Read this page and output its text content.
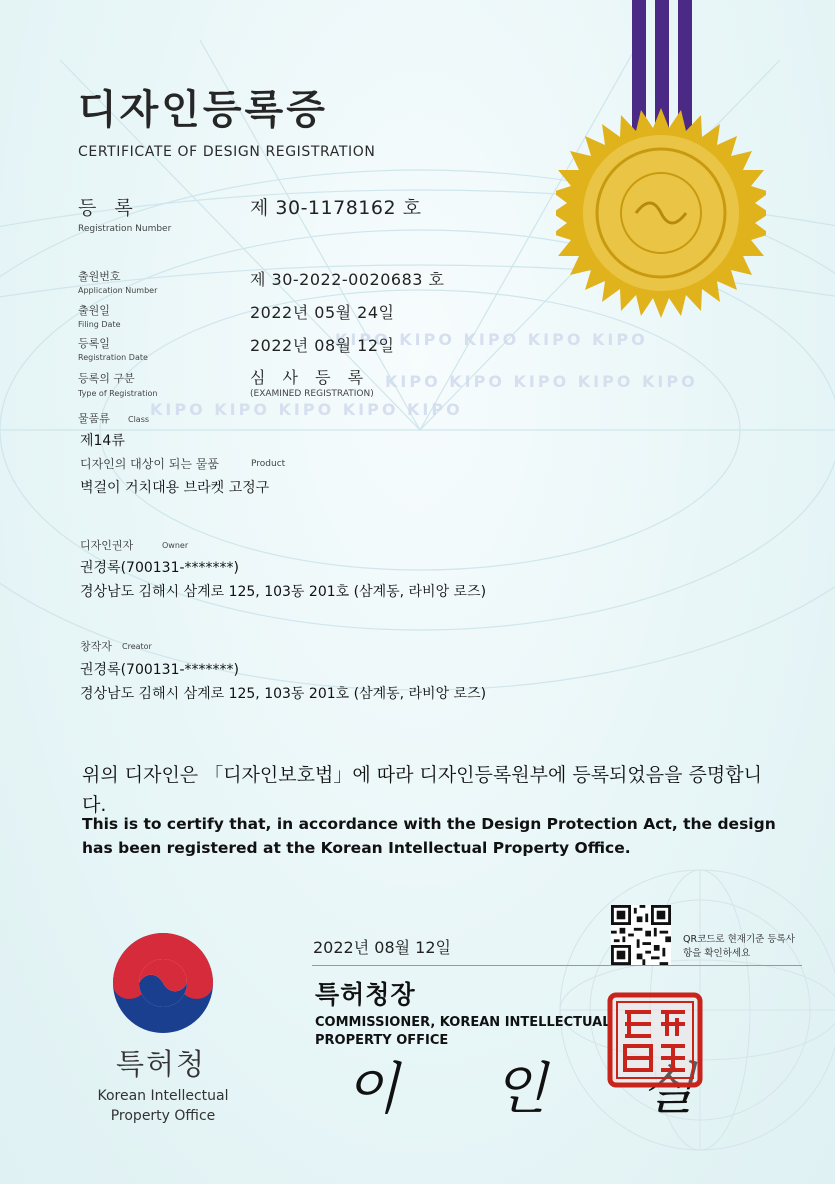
KIPO KIPO KIPO KIPO KIPO
KIPO KIPO KIPO KIPO KIPO
KIPO KIPO KIPO KIPO KIPO
디자인등록증
CERTIFICATE OF DESIGN REGISTRATION
등 록
Registration Number
제 30-1178162 호
출원번호
Application Number
제 30-2022-0020683 호
출원일
Filing Date
2022년 05월 24일
등록일
Registration Date
2022년 08월 12일
등록의 구분
Type of Registration
심 사 등 록
(EXAMINED REGISTRATION)
물품류 Class
제14류
디자인의 대상이 되는 물품	Product
벽걸이 거치대용 브라켓 고정구
디자인권자	Owner
권경록(700131-*******)
경상남도 김해시 삼계로 125, 103동 201호 (삼계동, 라비앙 로즈)
창작자 Creator
권경록(700131-*******)
경상남도 김해시 삼계로 125, 103동 201호 (삼계동, 라비앙 로즈)
위의 디자인은 「디자인보호법」에 따라 디자인등록원부에 등록되었음을 증명합니다.
This is to certify that, in accordance with the Design Protection Act, the design has been registered at the Korean Intellectual Property Office.
QR코드로 현재기준 등록사항을 확인하세요
2022년 08월 12일
특허청장
COMMISSIONER, KOREAN INTELLECTUAL PROPERTY OFFICE
이 인 실
특허청
Korean Intellectual Property Office
